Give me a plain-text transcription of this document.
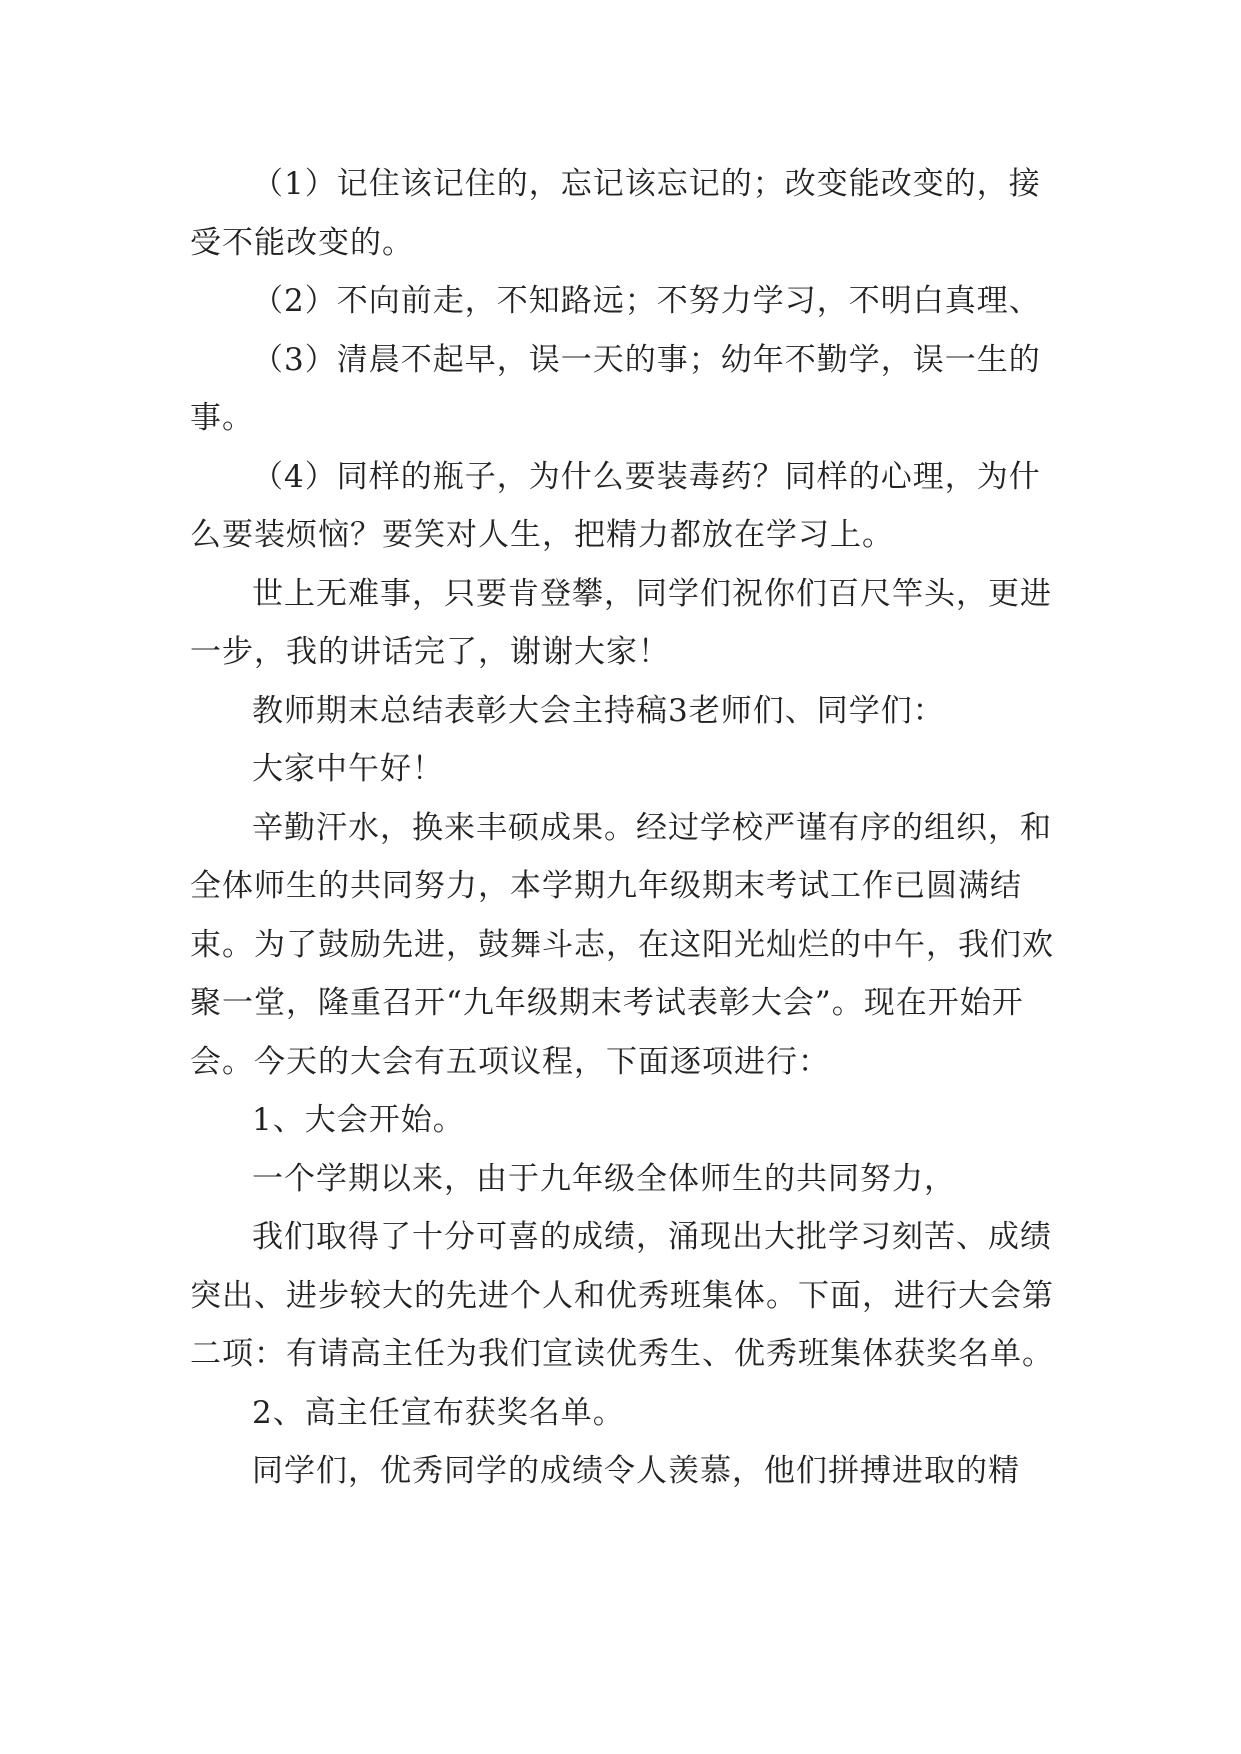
（1）记住该记住的，忘记该忘记的；改变能改变的，接受不能改变的。

（2）不向前走，不知路远；不努力学习，不明白真理、

（3）清晨不起早，误一天的事；幼年不勤学，误一生的事。

（4）同样的瓶子，为什么要装毒药？同样的心理，为什么要装烦恼？要笑对人生，把精力都放在学习上。

世上无难事，只要肯登攀，同学们祝你们百尺竿头，更进一步，我的讲话完了，谢谢大家！

教师期末总结表彰大会主持稿3老师们、同学们：

大家中午好！

辛勤汗水，换来丰硕成果。经过学校严谨有序的组织，和全体师生的共同努力，本学期九年级期末考试工作已圆满结束。为了鼓励先进，鼓舞斗志，在这阳光灿烂的中午，我们欢聚一堂，隆重召开“九年级期末考试表彰大会”。现在开始开会。今天的大会有五项议程，下面逐项进行：

1、大会开始。

一个学期以来，由于九年级全体师生的共同努力，

我们取得了十分可喜的成绩，涌现出大批学习刻苦、成绩突出、进步较大的先进个人和优秀班集体。下面，进行大会第二项：有请高主任为我们宣读优秀生、优秀班集体获奖名单。

2、高主任宣布获奖名单。

同学们，优秀同学的成绩令人羡慕，他们拼搏进取的精
